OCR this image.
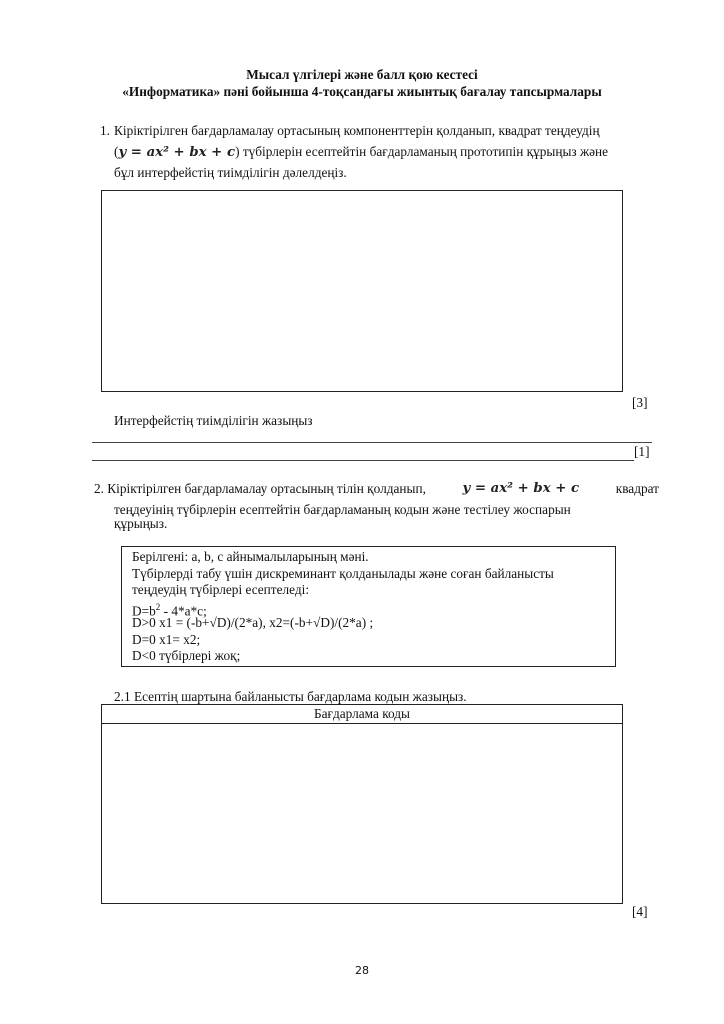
Мысал үлгілері және балл қою кестесі
«Информатика» пәні бойынша 4-тоқсандағы жиынтық бағалау тапсырмалары
1. Кіріктірілген бағдарламалау ортасының компоненттерін қолданып, квадрат теңдеудің
(y = ax² + bx + c) түбірлерін есептейтін бағдарламаның прототипін құрыңыз және
бұл интерфейстің тиімділігін дәлелдеңіз.
[3]
Интерфейстің тиімділігін жазыңыз
[1]
2. Кіріктірілген бағдарламалау ортасының тілін қолданып,	y = ax² + bx + c	квадрат
теңдеуінің түбірлерін есептейтін бағдарламаның кодын және тестілеу жоспарын
құрыңыз.
Берілгені: a, b, c айнымалыларының мәні.
Түбірлерді табу үшін дискреминант қолданылады және соған байланысты
теңдеудің түбірлері есептеледі:
$D=b^2 - 4*a*c$;
D>0 x1 = (-b+√D)/(2*a), x2=(-b+√D)/(2*a) ;
D=0 x1= x2;
D<0 түбірлері жоқ;
2.1 Есептің шартына байланысты бағдарлама кодын жазыңыз.
Бағдарлама коды
[4]
28
